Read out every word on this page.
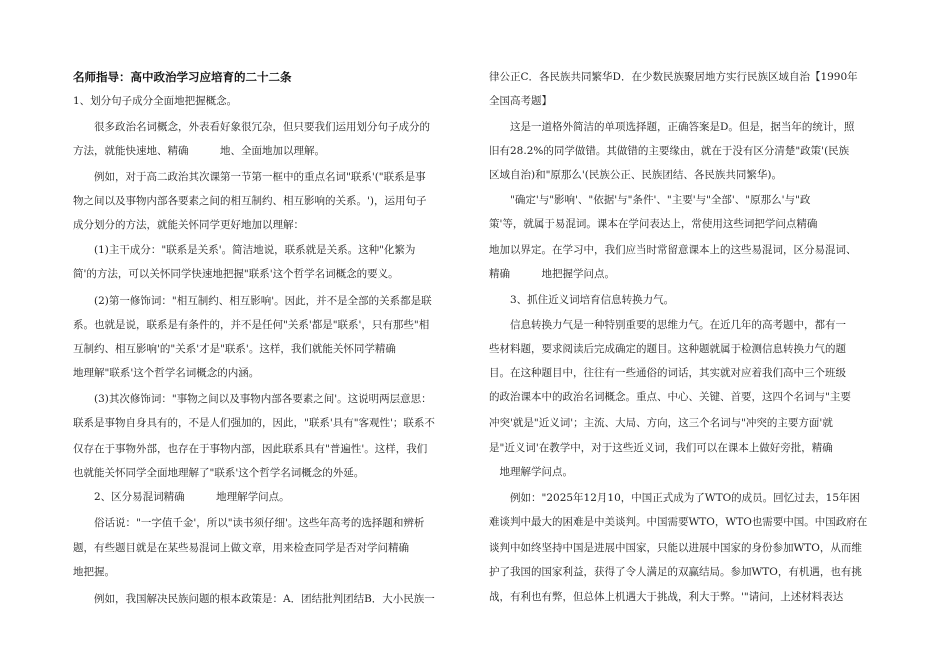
名师指导：高中政治学习应培育的二十二条
1、划分句子成分全面地把握概念。
　　很多政治名词概念，外表看好象很冗杂，但只要我们运用划分句子成分的
方法，就能快速地、精确　　　地、全面地加以理解。
　　例如，对于高二政治其次课第一节第一框中的重点名词"联系'("联系是事
物之间以及事物内部各要素之间的相互制约、相互影响的关系。')，运用句子
成分划分的方法，就能关怀同学更好地加以理解：
　　(1)主干成分："联系是关系'。简洁地说，联系就是关系。这种"化繁为
简'的方法，可以关怀同学快速地把握"联系'这个哲学名词概念的要义。
　　(2)第一修饰词："相互制约、相互影响'。因此，并不是全部的关系都是联
系。也就是说，联系是有条件的，并不是任何"关系'都是"联系'，只有那些"相
互制约、相互影响'的"关系'才是"联系'。这样，我们就能关怀同学精确
地理解"联系'这个哲学名词概念的内涵。
　　(3)其次修饰词："事物之间以及事物内部各要素之间'。这说明两层意思：
联系是事物自身具有的，不是人们强加的，因此，"联系'具有"客观性'；联系不
仅存在于事物外部，也存在于事物内部，因此联系具有"普遍性'。这样，我们
也就能关怀同学全面地理解了"联系'这个哲学名词概念的外延。
　　2、区分易混词精确　　　地理解学问点。
　　俗话说："一字值千金'，所以"读书须仔细'。这些年高考的选择题和辨析
题，有些题目就是在某些易混词上做文章，用来检查同学是否对学问精确
地把握。
　　例如，我国解决民族问题的根本政策是：A．团结批判团结B．大小民族一
律公正C．各民族共同繁华D．在少数民族聚居地方实行民族区域自治【1990年
全国高考题】
　　这是一道格外简洁的单项选择题，正确答案是D。但是，据当年的统计，照
旧有28.2%的同学做错。其做错的主要缘由，就在于没有区分清楚"政策'(民族
区域自治)和"原那么'(民族公正、民族团结、各民族共同繁华)。
　　"确定'与"影响'、"依据'与"条件'、"主要'与"全部'、"原那么'与"政
策'等，就属于易混词。课本在学问表达上，常使用这些词把学问点精确
地加以界定。在学习中，我们应当时常留意课本上的这些易混词，区分易混词、
精确　　　地把握学问点。
　　3、抓住近义词培育信息转换力气。
　　信息转换力气是一种特别重要的思维力气。在近几年的高考题中，都有一
些材料题，要求阅读后完成确定的题目。这种题就属于检测信息转换力气的题
目。在这种题目中，往往有一些通俗的词话，其实就对应着我们高中三个班级
的政治课本中的政治名词概念。重点、中心、关键、首要，这四个名词与"主要
冲突'就是"近义词'；主流、大局、方向，这三个名词与"冲突的主要方面'就
是"近义词'在教学中，对于这些近义词，我们可以在课本上做好旁批，精确
　地理解学问点。
　　例如："2025年12月10，中国正式成为了WTO的成员。回忆过去，15年困
难谈判中最大的困难是中美谈判。中国需要WTO，WTO也需要中国。中国政府在
谈判中如终坚持中国是进展中国家，只能以进展中国家的身份参加WTO，从而维
护了我国的国家利益，获得了令人满足的双赢结局。参加WTO，有机遇，也有挑
战，有利也有弊，但总体上机遇大于挑战，利大于弊。'"请问，上述材料表达
